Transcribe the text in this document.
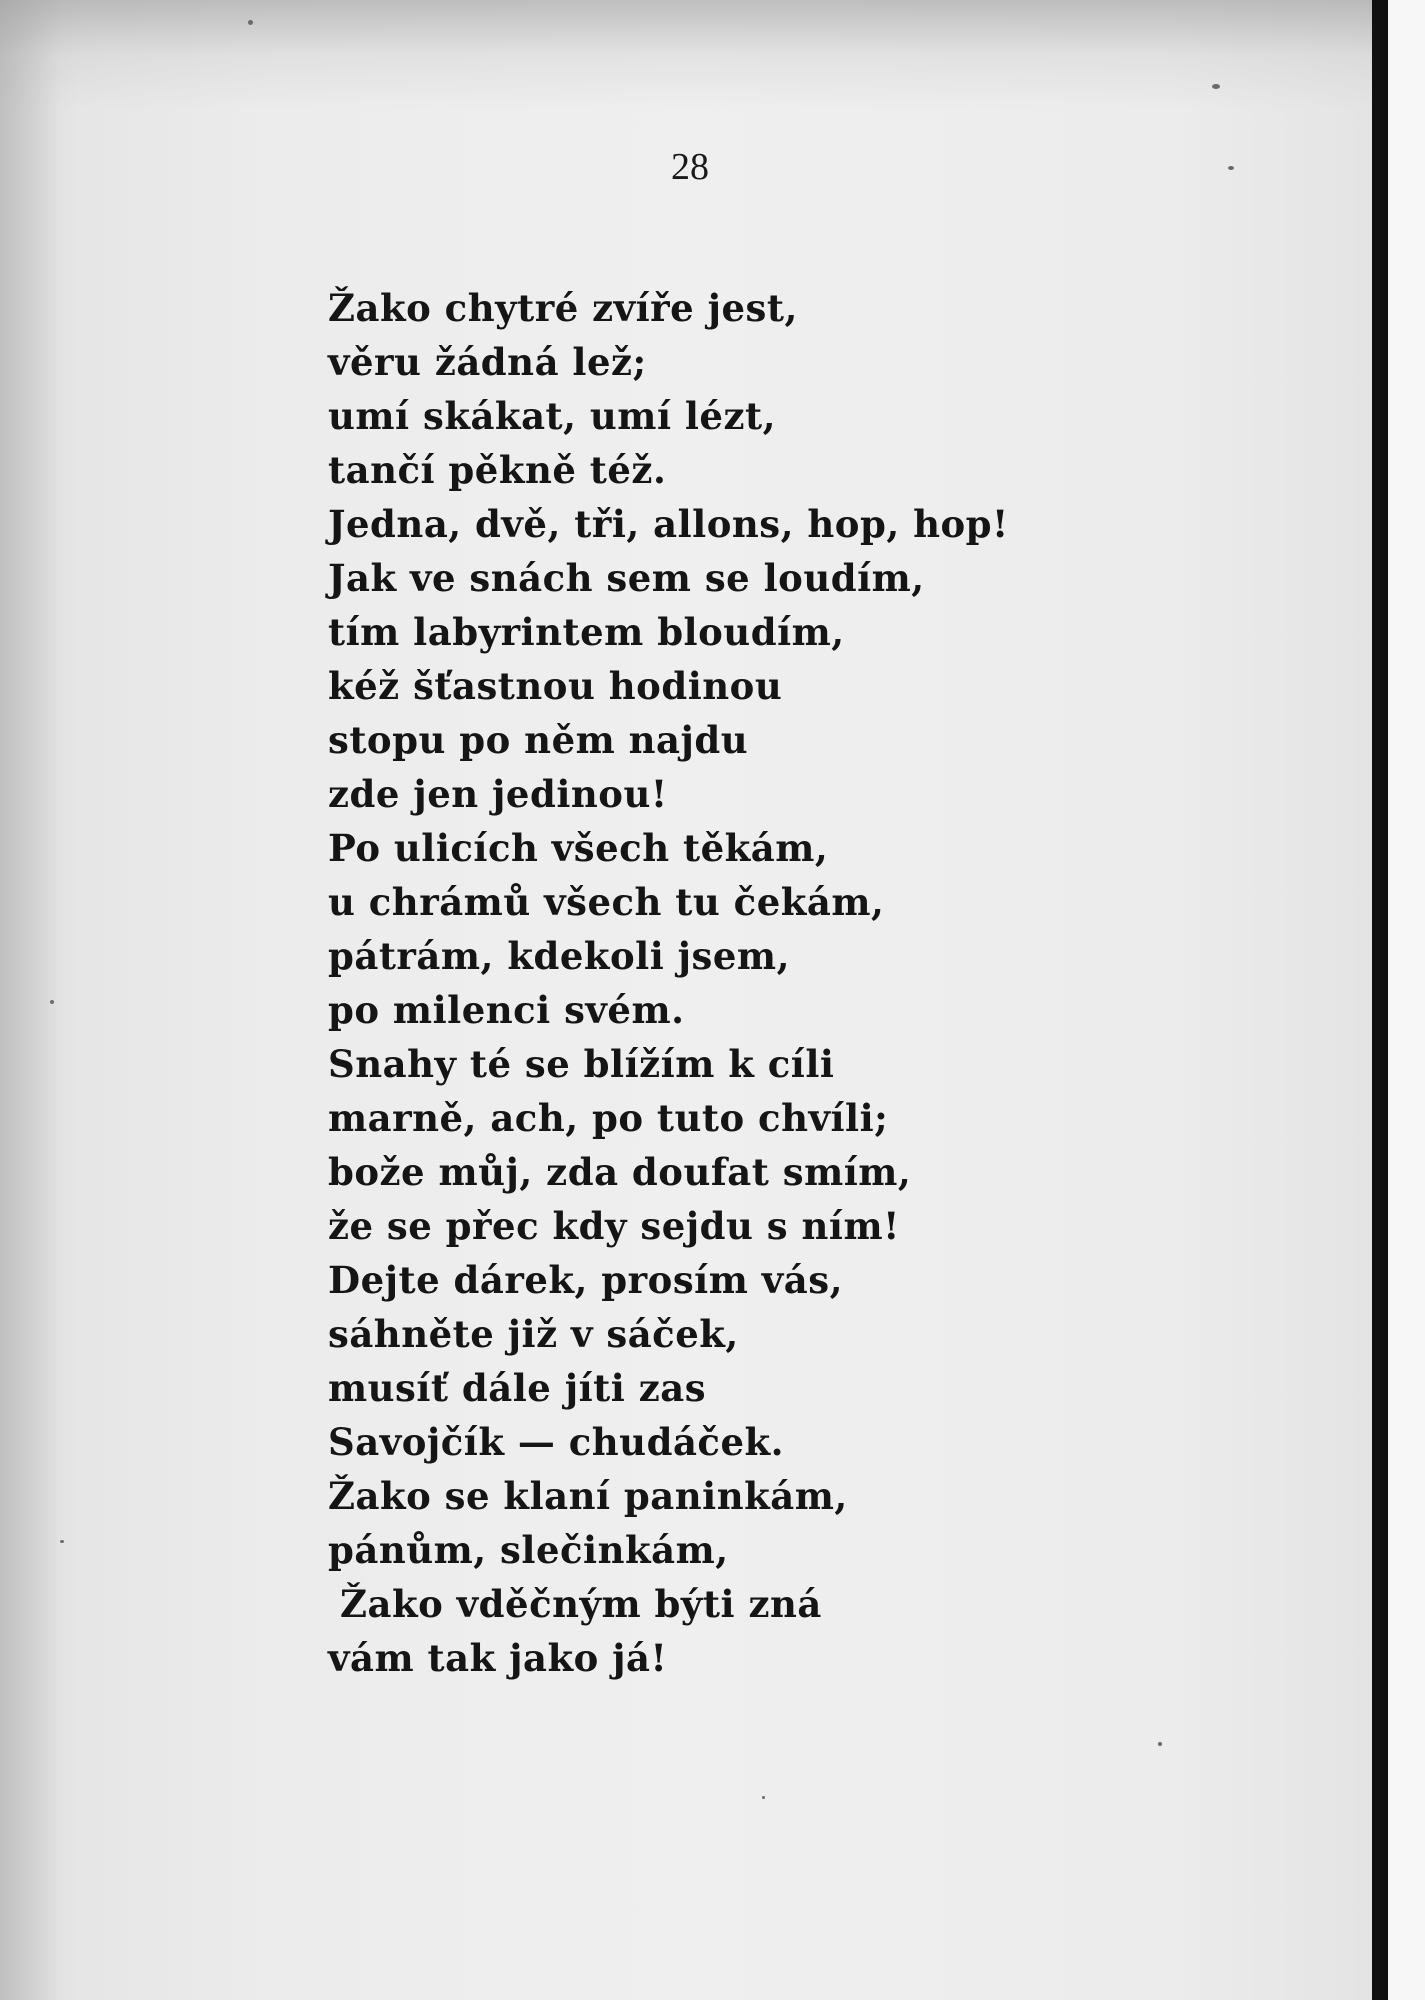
28
Žako chytré zvíře jest,
věru žádná lež;
umí skákat, umí lézt,
tančí pěkně též.
Jedna, dvě, tři, allons, hop, hop!
Jak ve snách sem se loudím,
tím labyrintem bloudím,
kéž šťastnou hodinou
stopu po něm najdu
zde jen jedinou!
Po ulicích všech těkám,
u chrámů všech tu čekám,
pátrám, kdekoli jsem,
po milenci svém.
Snahy té se blížím k cíli
marně, ach, po tuto chvíli;
bože můj, zda doufat smím,
že se přec kdy sejdu s ním!
Dejte dárek, prosím vás,
sáhněte již v sáček,
musíť dále jíti zas
Savojčík — chudáček.
Žako se klaní paninkám,
pánům, slečinkám,
Žako vděčným býti zná
vám tak jako já!
